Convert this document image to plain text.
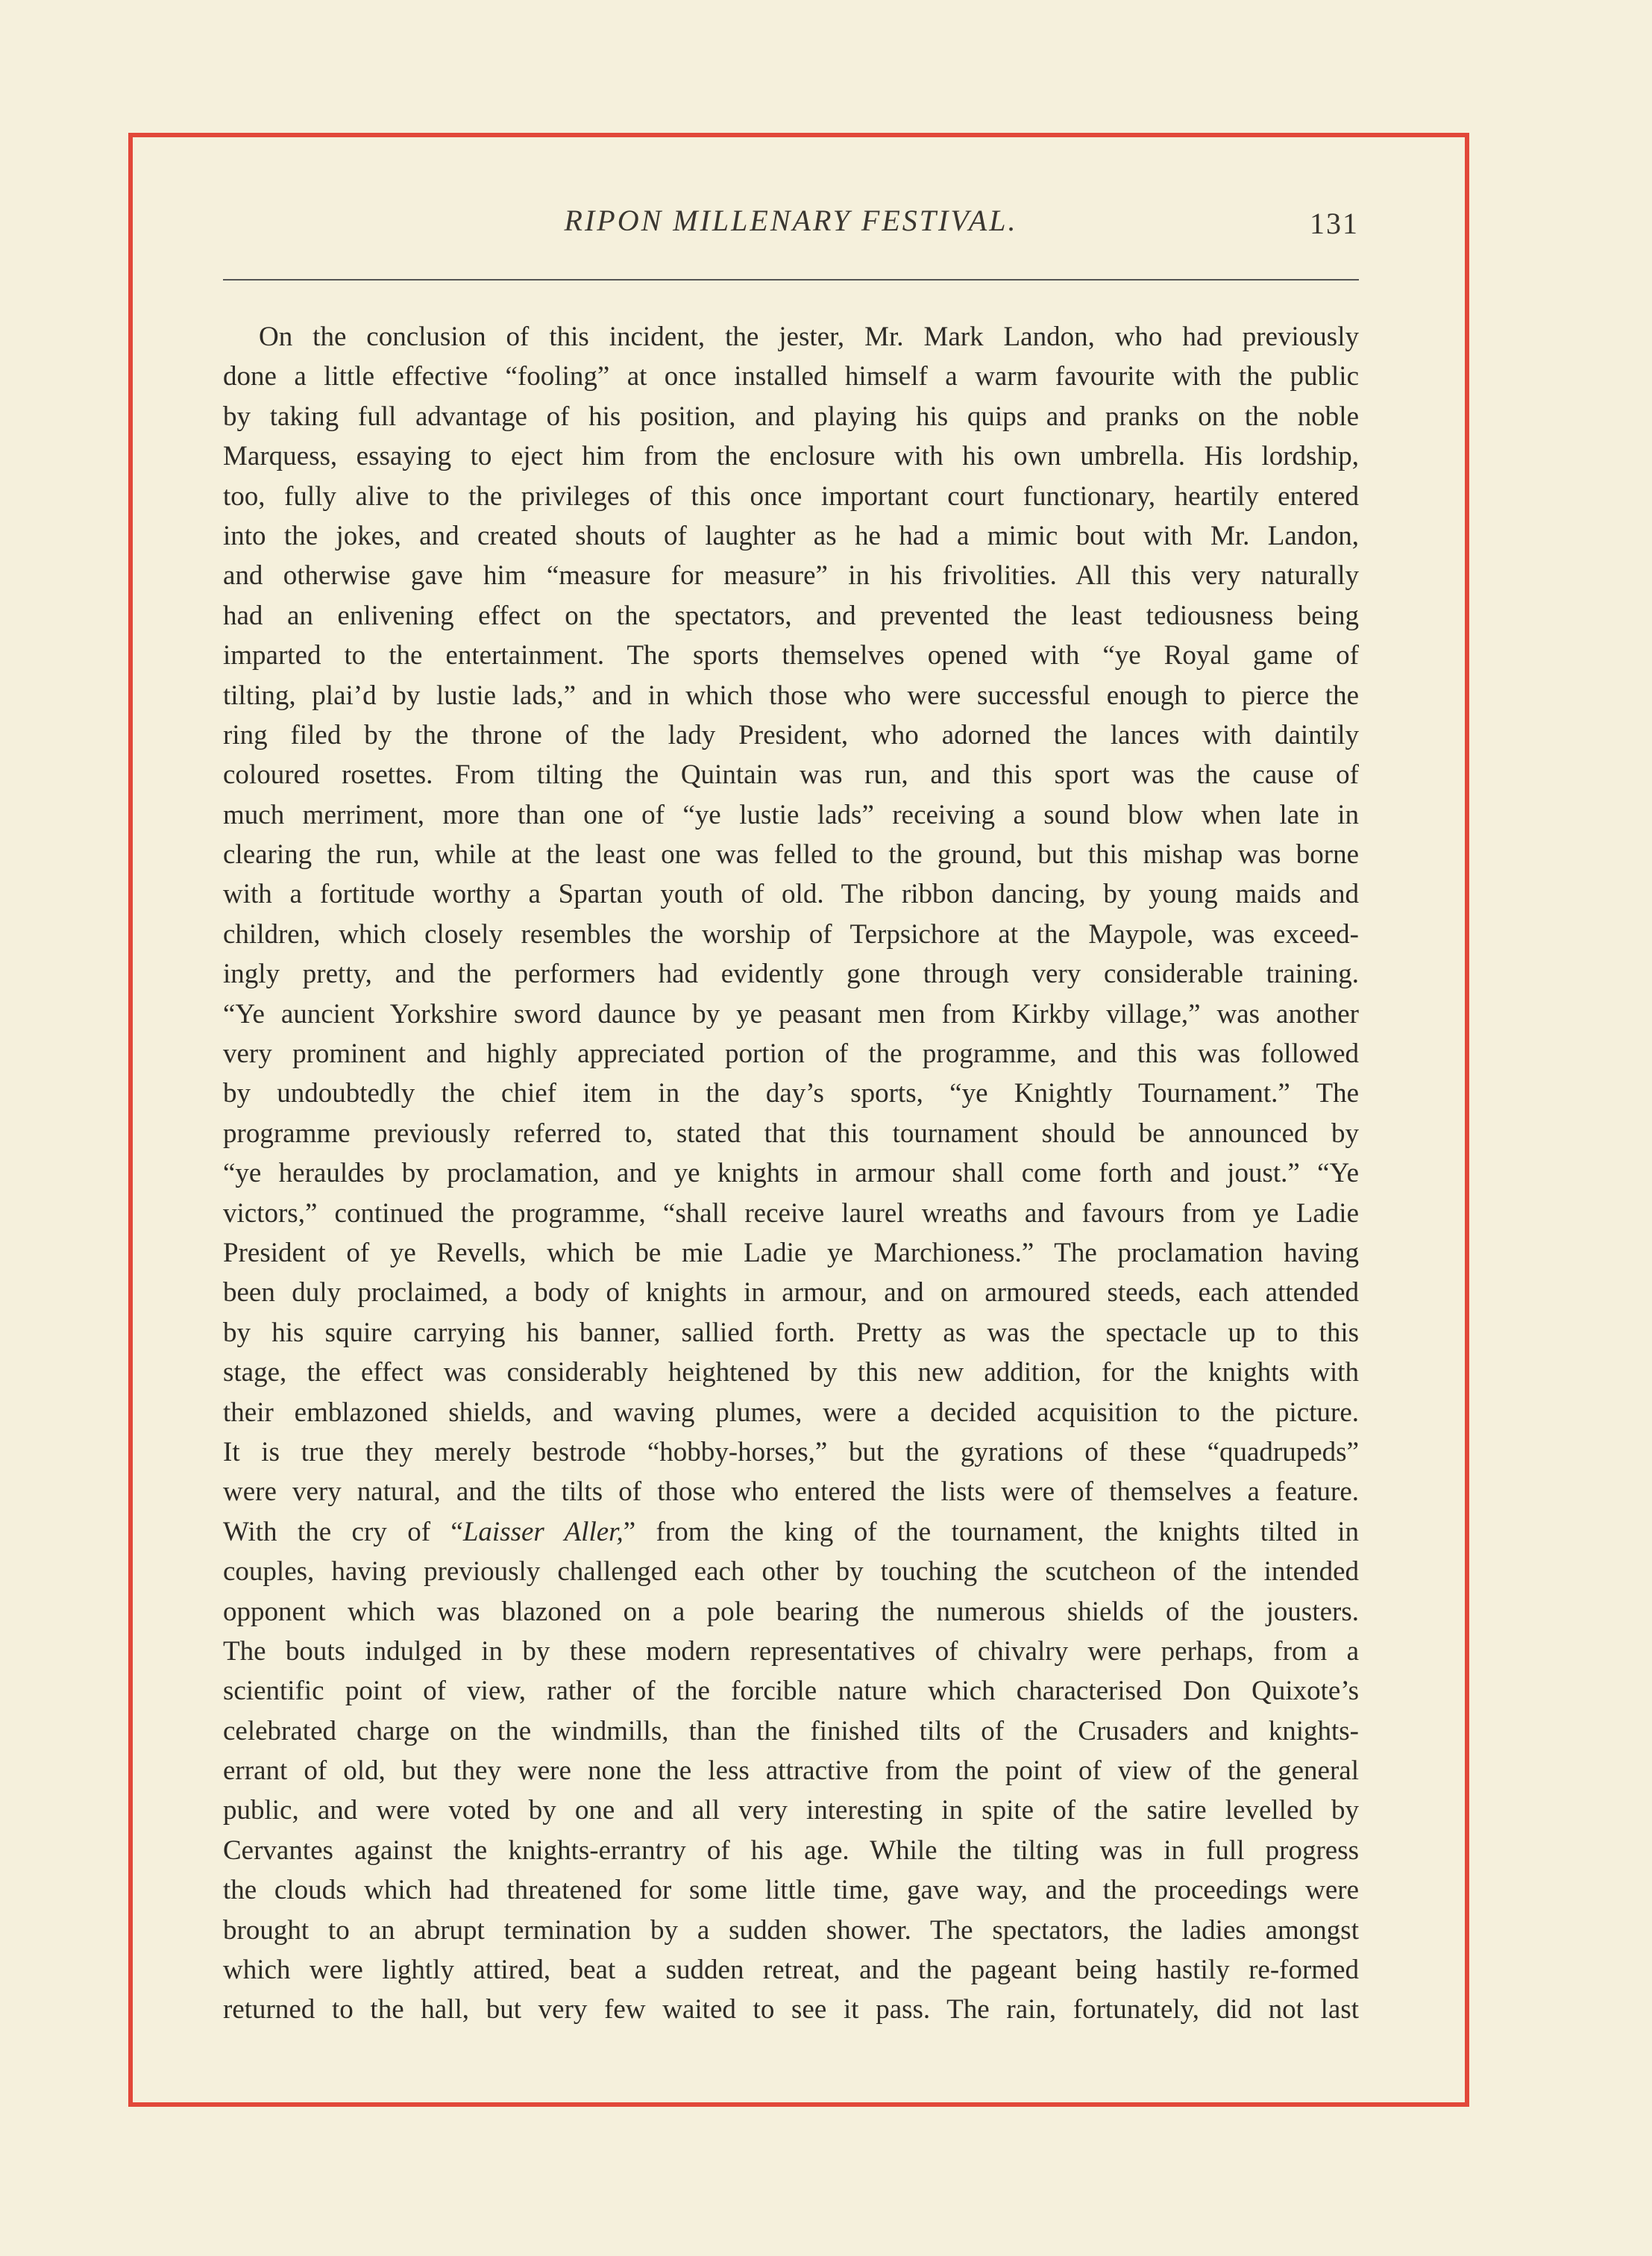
RIPON MILLENARY FESTIVAL.	131
On the conclusion of this incident, the jester, Mr. Mark Landon, who had previously
done a little effective “fooling” at once installed himself a warm favourite with the public
by taking full advantage of his position, and playing his quips and pranks on the noble
Marquess, essaying to eject him from the enclosure with his own umbrella. His lordship,
too, fully alive to the privileges of this once important court functionary, heartily entered
into the jokes, and created shouts of laughter as he had a mimic bout with Mr. Landon,
and otherwise gave him “measure for measure” in his frivolities. All this very naturally
had an enlivening effect on the spectators, and prevented the least tediousness being
imparted to the entertainment. The sports themselves opened with “ye Royal game of
tilting, plai’d by lustie lads,” and in which those who were successful enough to pierce the
ring filed by the throne of the lady President, who adorned the lances with daintily
coloured rosettes. From tilting the Quintain was run, and this sport was the cause of
much merriment, more than one of “ye lustie lads” receiving a sound blow when late in
clearing the run, while at the least one was felled to the ground, but this mishap was borne
with a fortitude worthy a Spartan youth of old. The ribbon dancing, by young maids and
children, which closely resembles the worship of Terpsichore at the Maypole, was exceed-
ingly pretty, and the performers had evidently gone through very considerable training.
“Ye auncient Yorkshire sword daunce by ye peasant men from Kirkby village,” was another
very prominent and highly appreciated portion of the programme, and this was followed
by undoubtedly the chief item in the day’s sports, “ye Knightly Tournament.” The
programme previously referred to, stated that this tournament should be announced by
“ye herauldes by proclamation, and ye knights in armour shall come forth and joust.” “Ye
victors,” continued the programme, “shall receive laurel wreaths and favours from ye Ladie
President of ye Revells, which be mie Ladie ye Marchioness.” The proclamation having
been duly proclaimed, a body of knights in armour, and on armoured steeds, each attended
by his squire carrying his banner, sallied forth. Pretty as was the spectacle up to this
stage, the effect was considerably heightened by this new addition, for the knights with
their emblazoned shields, and waving plumes, were a decided acquisition to the picture.
It is true they merely bestrode “hobby-horses,” but the gyrations of these “quadrupeds”
were very natural, and the tilts of those who entered the lists were of themselves a feature.
With the cry of “Laisser Aller,” from the king of the tournament, the knights tilted in
couples, having previously challenged each other by touching the scutcheon of the intended
opponent which was blazoned on a pole bearing the numerous shields of the jousters.
The bouts indulged in by these modern representatives of chivalry were perhaps, from a
scientific point of view, rather of the forcible nature which characterised Don Quixote’s
celebrated charge on the windmills, than the finished tilts of the Crusaders and knights-
errant of old, but they were none the less attractive from the point of view of the general
public, and were voted by one and all very interesting in spite of the satire levelled by
Cervantes against the knights-errantry of his age. While the tilting was in full progress
the clouds which had threatened for some little time, gave way, and the proceedings were
brought to an abrupt termination by a sudden shower. The spectators, the ladies amongst
which were lightly attired, beat a sudden retreat, and the pageant being hastily re-formed
returned to the hall, but very few waited to see it pass. The rain, fortunately, did not last
